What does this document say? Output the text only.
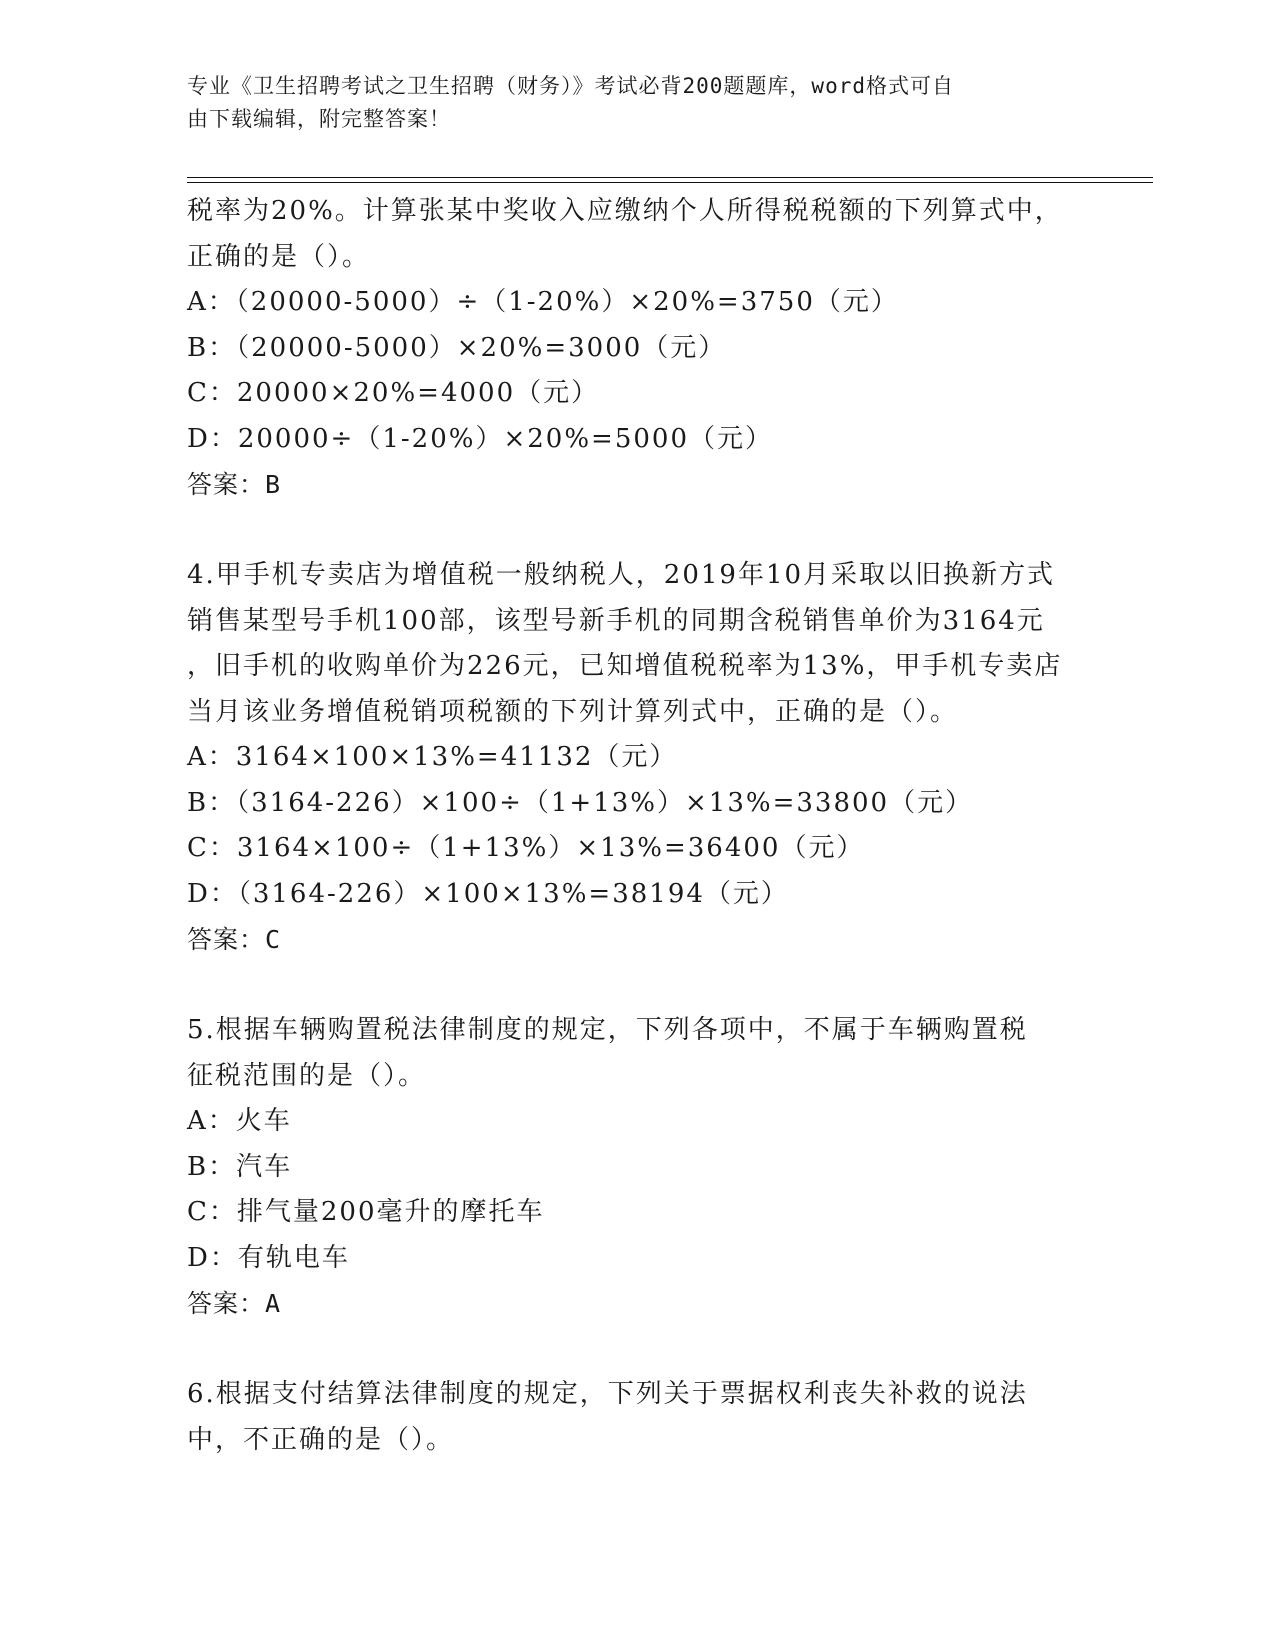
专业《卫生招聘考试之卫生招聘（财务）》考试必背200题题库，word格式可自
由下载编辑，附完整答案！
税率为20%。计算张某中奖收入应缴纳个人所得税税额的下列算式中，
正确的是（）。
A：（20000-5000）÷（1-20%）×20%=3750（元）
B：（20000-5000）×20%=3000（元）
C：20000×20%=4000（元）
D：20000÷（1-20%）×20%=5000（元）
答案：B
4.甲手机专卖店为增值税一般纳税人，2019年10月采取以旧换新方式
销售某型号手机100部，该型号新手机的同期含税销售单价为3164元
，旧手机的收购单价为226元，已知增值税税率为13%，甲手机专卖店
当月该业务增值税销项税额的下列计算列式中，正确的是（）。
A：3164×100×13%=41132（元）
B：（3164-226）×100÷（1+13%）×13%=33800（元）
C：3164×100÷（1+13%）×13%=36400（元）
D：（3164-226）×100×13%=38194（元）
答案：C
5.根据车辆购置税法律制度的规定，下列各项中，不属于车辆购置税
征税范围的是（）。
A：火车
B：汽车
C：排气量200毫升的摩托车
D：有轨电车
答案：A
6.根据支付结算法律制度的规定，下列关于票据权利丧失补救的说法
中，不正确的是（）。
